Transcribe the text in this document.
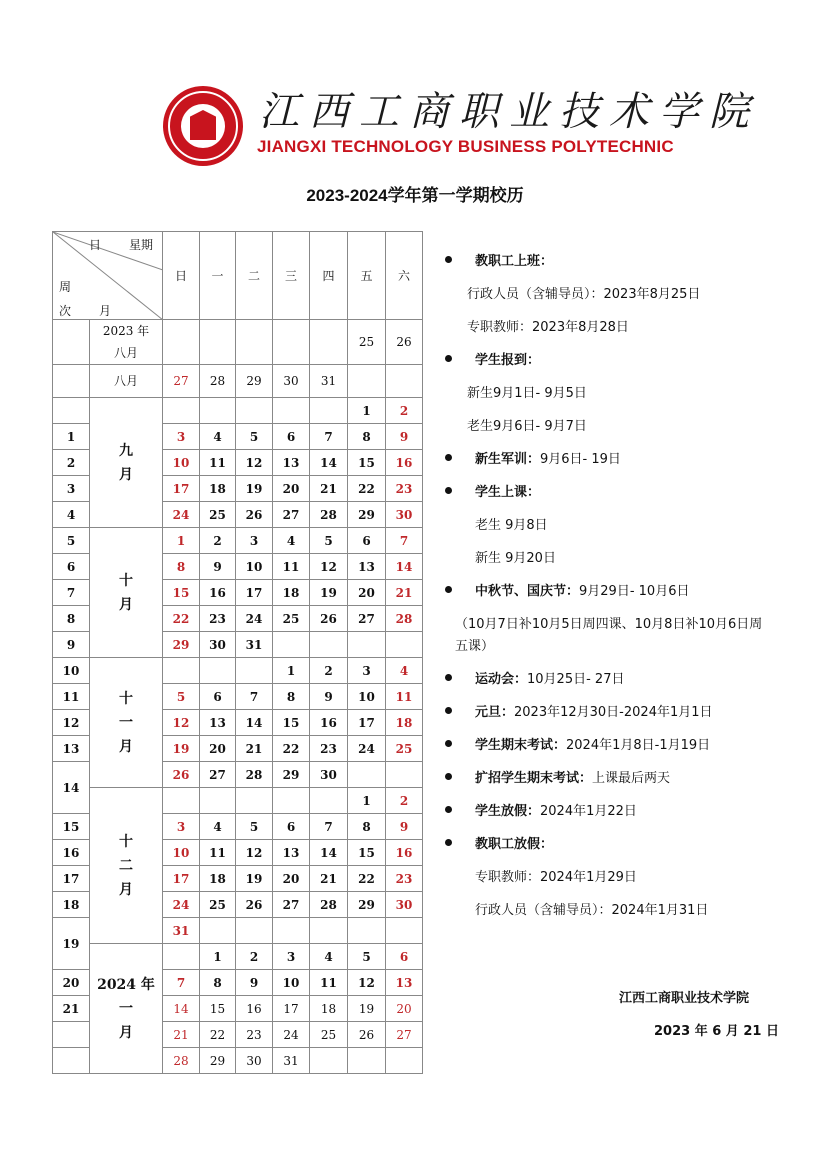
江西工商职业技术学院
JIANGXI TECHNOLOGY BUSINESS POLYTECHNIC
2023-2024学年第一学期校历
日 星期
周
次 月		日	一	二	三	四	五	六
	2023 年
八月						25	26
	八月	27	28	29	30	31		
	九
月						1	2
1		3	4	5	6	7	8	9
2		10	11	12	13	14	15	16
3		17	18	19	20	21	22	23
4		24	25	26	27	28	29	30
5	十
月	1	2	3	4	5	6	7
6		8	9	10	11	12	13	14
7		15	16	17	18	19	20	21
8		22	23	24	25	26	27	28
9		29	30	31				
10	十
一
月				1	2	3	4
11		5	6	7	8	9	10	11
12		12	13	14	15	16	17	18
13		19	20	21	22	23	24	25
14		26	27	28	29	30		
	十
二
月						1	2
15		3	4	5	6	7	8	9
16		10	11	12	13	14	15	16
17		17	18	19	20	21	22	23
18		24	25	26	27	28	29	30
19		31						
	2024 年
一
月		1	2	3	4	5	6
20		7	8	9	10	11	12	13
21		14	15	16	17	18	19	20
		21	22	23	24	25	26	27
		28	29	30	31			
教职工上班：
行政人员（含辅导员）：2023年8月25日
专职教师：2023年8月28日
学生报到：
新生9月1日- 9月5日
老生9月6日- 9月7日
新生军训：9月6日- 19日
学生上课：
老生 9月8日
新生 9月20日
中秋节、国庆节：9月29日- 10月6日
（10月7日补10月5日周四课、10月8日补10月6日周
五课）
运动会：10月25日- 27日
元旦：2023年12月30日-2024年1月1日
学生期末考试：2024年1月8日-1月19日
扩招学生期末考试：上课最后两天
学生放假：2024年1月22日
教职工放假：
专职教师：2024年1月29日
行政人员（含辅导员）：2024年1月31日
江西工商职业技术学院
2023 年 6 月 21 日
